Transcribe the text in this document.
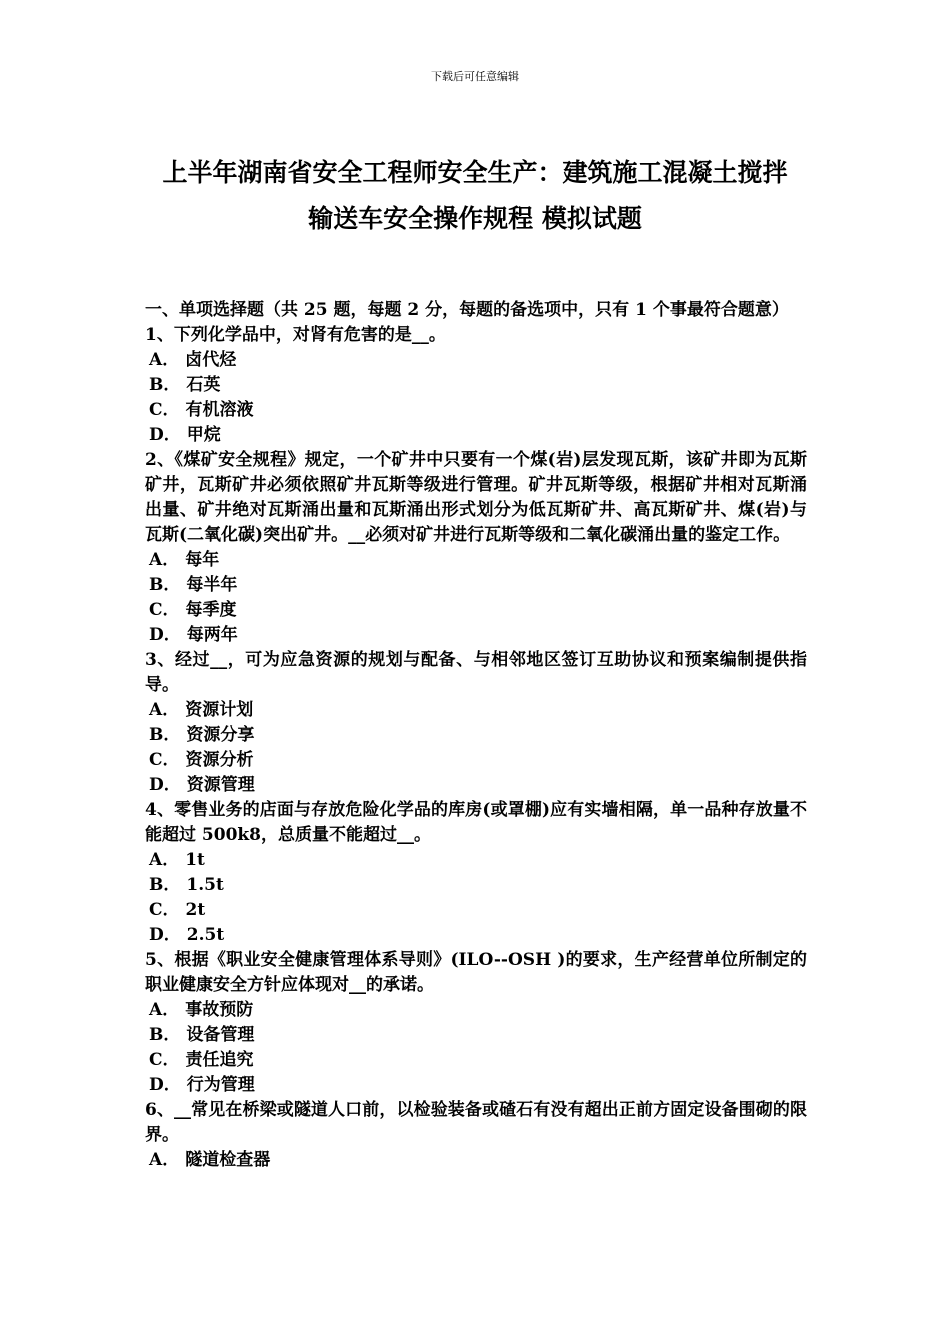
下载后可任意编辑
上半年湖南省安全工程师安全生产：建筑施工混凝土搅拌
输送车安全操作规程 模拟试题
一、单项选择题（共 25 题，每题 2 分，每题的备选项中，只有 1 个事最符合题意）
1、下列化学品中，对肾有危害的是__。
A． 卤代烃
B． 石英
C． 有机溶液
D． 甲烷
2、《煤矿安全规程》规定，一个矿井中只要有一个煤(岩)层发现瓦斯，该矿井即为瓦斯矿井，瓦斯矿井必须依照矿井瓦斯等级进行管理。矿井瓦斯等级，根据矿井相对瓦斯涌出量、矿井绝对瓦斯涌出量和瓦斯涌出形式划分为低瓦斯矿井、高瓦斯矿井、煤(岩)与瓦斯(二氧化碳)突出矿井。__必须对矿井进行瓦斯等级和二氧化碳涌出量的鉴定工作。
A． 每年
B． 每半年
C． 每季度
D． 每两年
3、经过__，可为应急资源的规划与配备、与相邻地区签订互助协议和预案编制提供指导。
A． 资源计划
B． 资源分享
C． 资源分析
D． 资源管理
4、零售业务的店面与存放危险化学品的库房(或罩棚)应有实墙相隔，单一品种存放量不能超过 500k8，总质量不能超过__。
A． 1t
B． 1.5t
C． 2t
D． 2.5t
5、根据《职业安全健康管理体系导则》(ILO--OSH )的要求，生产经营单位所制定的职业健康安全方针应体现对__的承诺。
A． 事故预防
B． 设备管理
C． 责任追究
D． 行为管理
6、__常见在桥梁或隧道人口前，以检验装备或碴石有没有超出正前方固定设备围砌的限界。
A． 隧道检查器
